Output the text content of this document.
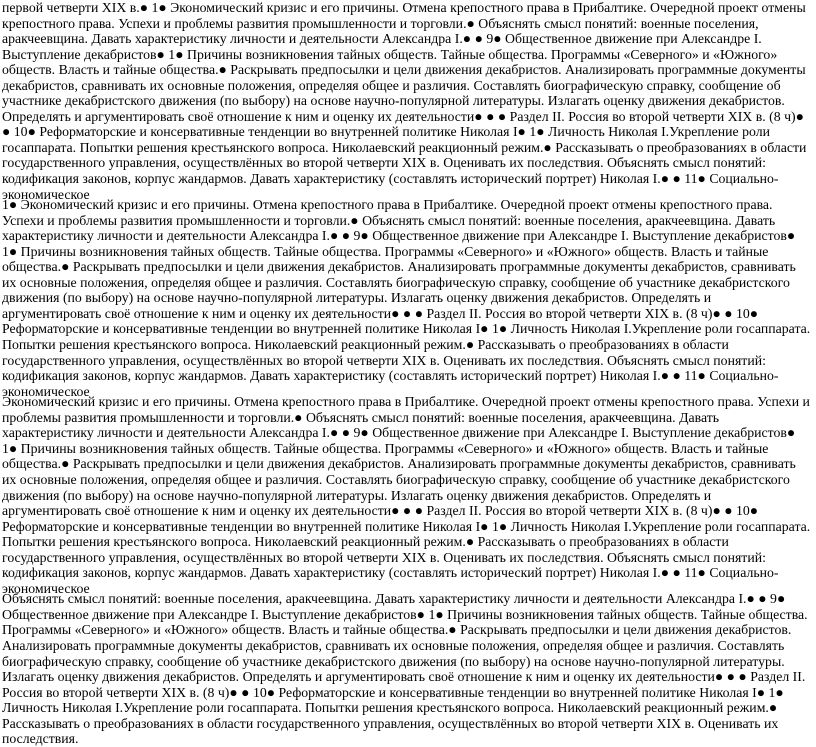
первой четверти XIX в.● 1● Экономический кризис и его причины. Отмена крепостного права в Прибалтике. Очередной проект отмены крепостного права. Успехи и проблемы развития промышленности и торговли.● Объяснять смысл понятий: военные поселения, аракчеевщина. Давать характеристику личности и деятельности Александра I.● ● 9● Общественное движение при Александре I. Выступление декабристов● 1● Причины возникновения тайных обществ. Тайные общества. Программы «Северного» и «Южного» обществ. Власть и тайные общества.● Раскрывать предпосылки и цели движения декабристов. Анализировать программные документы декабристов, сравнивать их основные положения, определяя общее и различия. Составлять биографическую справку, сообщение об участнике декабристского движения (по выбору) на основе научно-популярной литературы. Излагать оценку движения декабристов. Определять и аргументировать своё отношение к ним и оценку их деятельности● ● ● Раздел II. Россия во второй четверти XIX в. (8 ч)● ● 10● Реформаторские и консервативные тенденции во внутренней политике Николая I● 1● Личность Николая I.Укрепление роли госаппарата. Попытки решения крестьянского вопроса. Николаевский реакционный режим.● Рассказывать о преобразованиях в области государственного управления, осуществлённых во второй четверти XIX в. Оценивать их последствия. Объяснять смысл понятий: кодификация законов, корпус жандармов. Давать характеристику (составлять исторический портрет) Николая I.● ● 11● Социально-экономическое

1● Экономический кризис и его причины. Отмена крепостного права в Прибалтике. Очередной проект отмены крепостного права. Успехи и проблемы развития промышленности и торговли.● Объяснять смысл понятий: военные поселения, аракчеевщина. Давать характеристику личности и деятельности Александра I.● ● 9● Общественное движение при Александре I. Выступление декабристов● 1● Причины возникновения тайных обществ. Тайные общества. Программы «Северного» и «Южного» обществ. Власть и тайные общества.● Раскрывать предпосылки и цели движения декабристов. Анализировать программные документы декабристов, сравнивать их основные положения, определяя общее и различия. Составлять биографическую справку, сообщение об участнике декабристского движения (по выбору) на основе научно-популярной литературы. Излагать оценку движения декабристов. Определять и аргументировать своё отношение к ним и оценку их деятельности● ● ● Раздел II. Россия во второй четверти XIX в. (8 ч)● ● 10● Реформаторские и консервативные тенденции во внутренней политике Николая I● 1● Личность Николая I.Укрепление роли госаппарата. Попытки решения крестьянского вопроса. Николаевский реакционный режим.● Рассказывать о преобразованиях в области государственного управления, осуществлённых во второй четверти XIX в. Оценивать их последствия. Объяснять смысл понятий: кодификация законов, корпус жандармов. Давать характеристику (составлять исторический портрет) Николая I.● ● 11● Социально-экономическое

Экономический кризис и его причины. Отмена крепостного права в Прибалтике. Очередной проект отмены крепостного права. Успехи и проблемы развития промышленности и торговли.● Объяснять смысл понятий: военные поселения, аракчеевщина. Давать характеристику личности и деятельности Александра I.● ● 9● Общественное движение при Александре I. Выступление декабристов● 1● Причины возникновения тайных обществ. Тайные общества. Программы «Северного» и «Южного» обществ. Власть и тайные общества.● Раскрывать предпосылки и цели движения декабристов. Анализировать программные документы декабристов, сравнивать их основные положения, определяя общее и различия. Составлять биографическую справку, сообщение об участнике декабристского движения (по выбору) на основе научно-популярной литературы. Излагать оценку движения декабристов. Определять и аргументировать своё отношение к ним и оценку их деятельности● ● ● Раздел II. Россия во второй четверти XIX в. (8 ч)● ● 10● Реформаторские и консервативные тенденции во внутренней политике Николая I● 1● Личность Николая I.Укрепление роли госаппарата. Попытки решения крестьянского вопроса. Николаевский реакционный режим.● Рассказывать о преобразованиях в области государственного управления, осуществлённых во второй четверти XIX в. Оценивать их последствия. Объяснять смысл понятий: кодификация законов, корпус жандармов. Давать характеристику (составлять исторический портрет) Николая I.● ● 11● Социально-экономическое

Объяснять смысл понятий: военные поселения, аракчеевщина. Давать характеристику личности и деятельности Александра I.● ● 9● Общественное движение при Александре I. Выступление декабристов● 1● Причины возникновения тайных обществ. Тайные общества. Программы «Северного» и «Южного» обществ. Власть и тайные общества.● Раскрывать предпосылки и цели движения декабристов. Анализировать программные документы декабристов, сравнивать их основные положения, определяя общее и различия. Составлять биографическую справку, сообщение об участнике декабристского движения (по выбору) на основе научно-популярной литературы. Излагать оценку движения декабристов. Определять и аргументировать своё отношение к ним и оценку их деятельности● ● ● Раздел II. Россия во второй четверти XIX в. (8 ч)● ● 10● Реформаторские и консервативные тенденции во внутренней политике Николая I● 1● Личность Николая I.Укрепление роли госаппарата. Попытки решения крестьянского вопроса. Николаевский реакционный режим.● Рассказывать о преобразованиях в области государственного управления, осуществлённых во второй четверти XIX в. Оценивать их последствия.
